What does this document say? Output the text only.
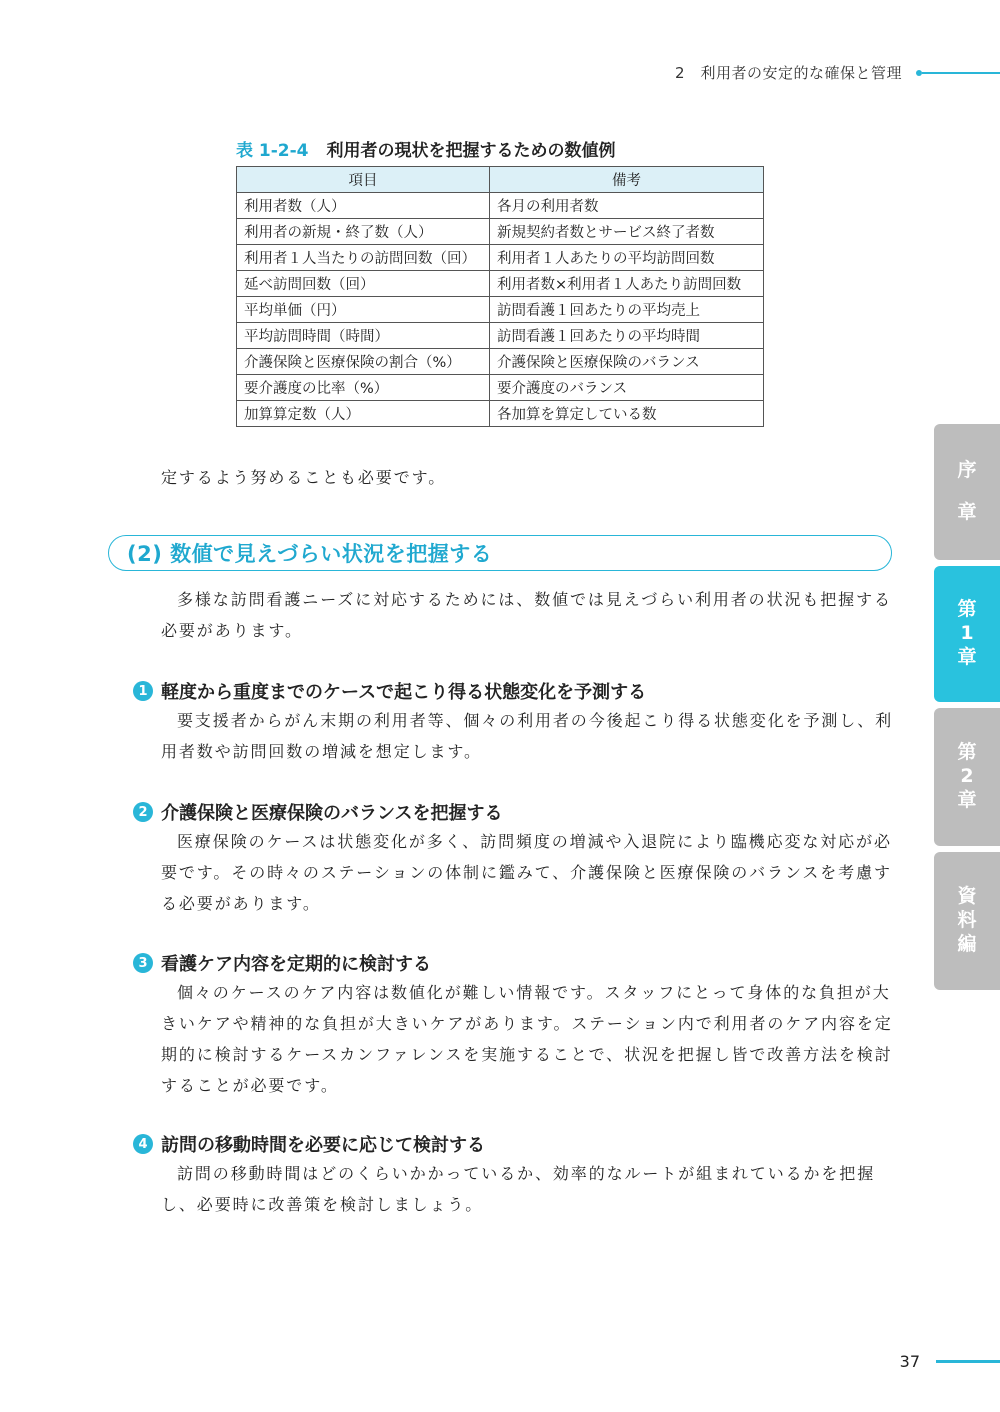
2　利用者の安定的な確保と管理
表 1-2-4 利用者の現状を把握するための数値例
項目	備考
利用者数（人）	各月の利用者数
利用者の新規・終了数（人）	新規契約者数とサービス終了者数
利用者１人当たりの訪問回数（回）	利用者１人あたりの平均訪問回数
延べ訪問回数（回）	利用者数×利用者１人あたり訪問回数
平均単価（円）	訪問看護１回あたりの平均売上
平均訪問時間（時間）	訪問看護１回あたりの平均時間
介護保険と医療保険の割合（%）	介護保険と医療保険のバランス
要介護度の比率（%）	要介護度のバランス
加算算定数（人）	各加算を算定している数

定するよう努めることも必要です。

(2) 数値で見えづらい状況を把握する

多様な訪問看護ニーズに対応するためには、数値では見えづらい利用者の状況も把握する必要があります。

1 軽度から重度までのケースで起こり得る状態変化を予測する

要支援者からがん末期の利用者等、個々の利用者の今後起こり得る状態変化を予測し、利用者数や訪問回数の増減を想定します。

2 介護保険と医療保険のバランスを把握する

医療保険のケースは状態変化が多く、訪問頻度の増減や入退院により臨機応変な対応が必要です。その時々のステーションの体制に鑑みて、介護保険と医療保険のバランスを考慮する必要があります。

3 看護ケア内容を定期的に検討する

個々のケースのケア内容は数値化が難しい情報です。スタッフにとって身体的な負担が大きいケアや精神的な負担が大きいケアがあります。ステーション内で利用者のケア内容を定期的に検討するケースカンファレンスを実施することで、状況を把握し皆で改善方法を検討することが必要です。

4 訪問の移動時間を必要に応じて検討する

訪問の移動時間はどのくらいかかっているか、効率的なルートが組まれているかを把握し、必要時に改善策を検討しましょう。

序
章
第
1
章
第
2
章
資
料
編
37
